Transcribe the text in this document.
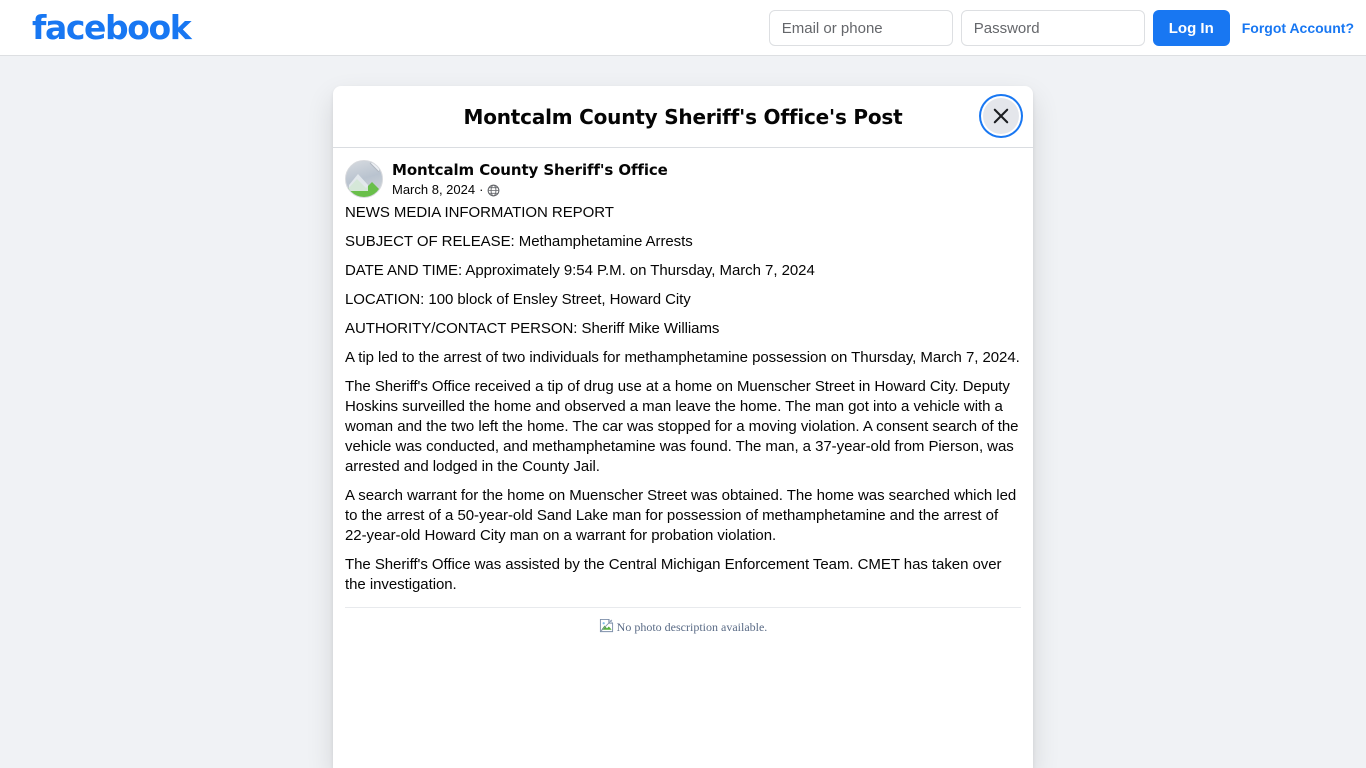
facebook
Email or phone	Log In	Forgot Account?
Montcalm County Sheriff's Office's Post
Montcalm County Sheriff's Office
March 8, 2024 ·

NEWS MEDIA INFORMATION REPORT

SUBJECT OF RELEASE: Methamphetamine Arrests

DATE AND TIME: Approximately 9:54 P.M. on Thursday, March 7, 2024

LOCATION: 100 block of Ensley Street, Howard City

AUTHORITY/CONTACT PERSON: Sheriff Mike Williams

A tip led to the arrest of two individuals for methamphetamine possession on Thursday, March 7, 2024.

The Sheriff's Office received a tip of drug use at a home on Muenscher Street in Howard City. Deputy Hoskins surveilled the home and observed a man leave the home. The man got into a vehicle with a woman and the two left the home. The car was stopped for a moving violation. A consent search of the vehicle was conducted, and methamphetamine was found. The man, a 37-year-old from Pierson, was arrested and lodged in the County Jail.

A search warrant for the home on Muenscher Street was obtained. The home was searched which led to the arrest of a 50-year-old Sand Lake man for possession of methamphetamine and the arrest of 22-year-old Howard City man on a warrant for probation violation.

The Sheriff's Office was assisted by the Central Michigan Enforcement Team. CMET has taken over the investigation.

No photo description available.
